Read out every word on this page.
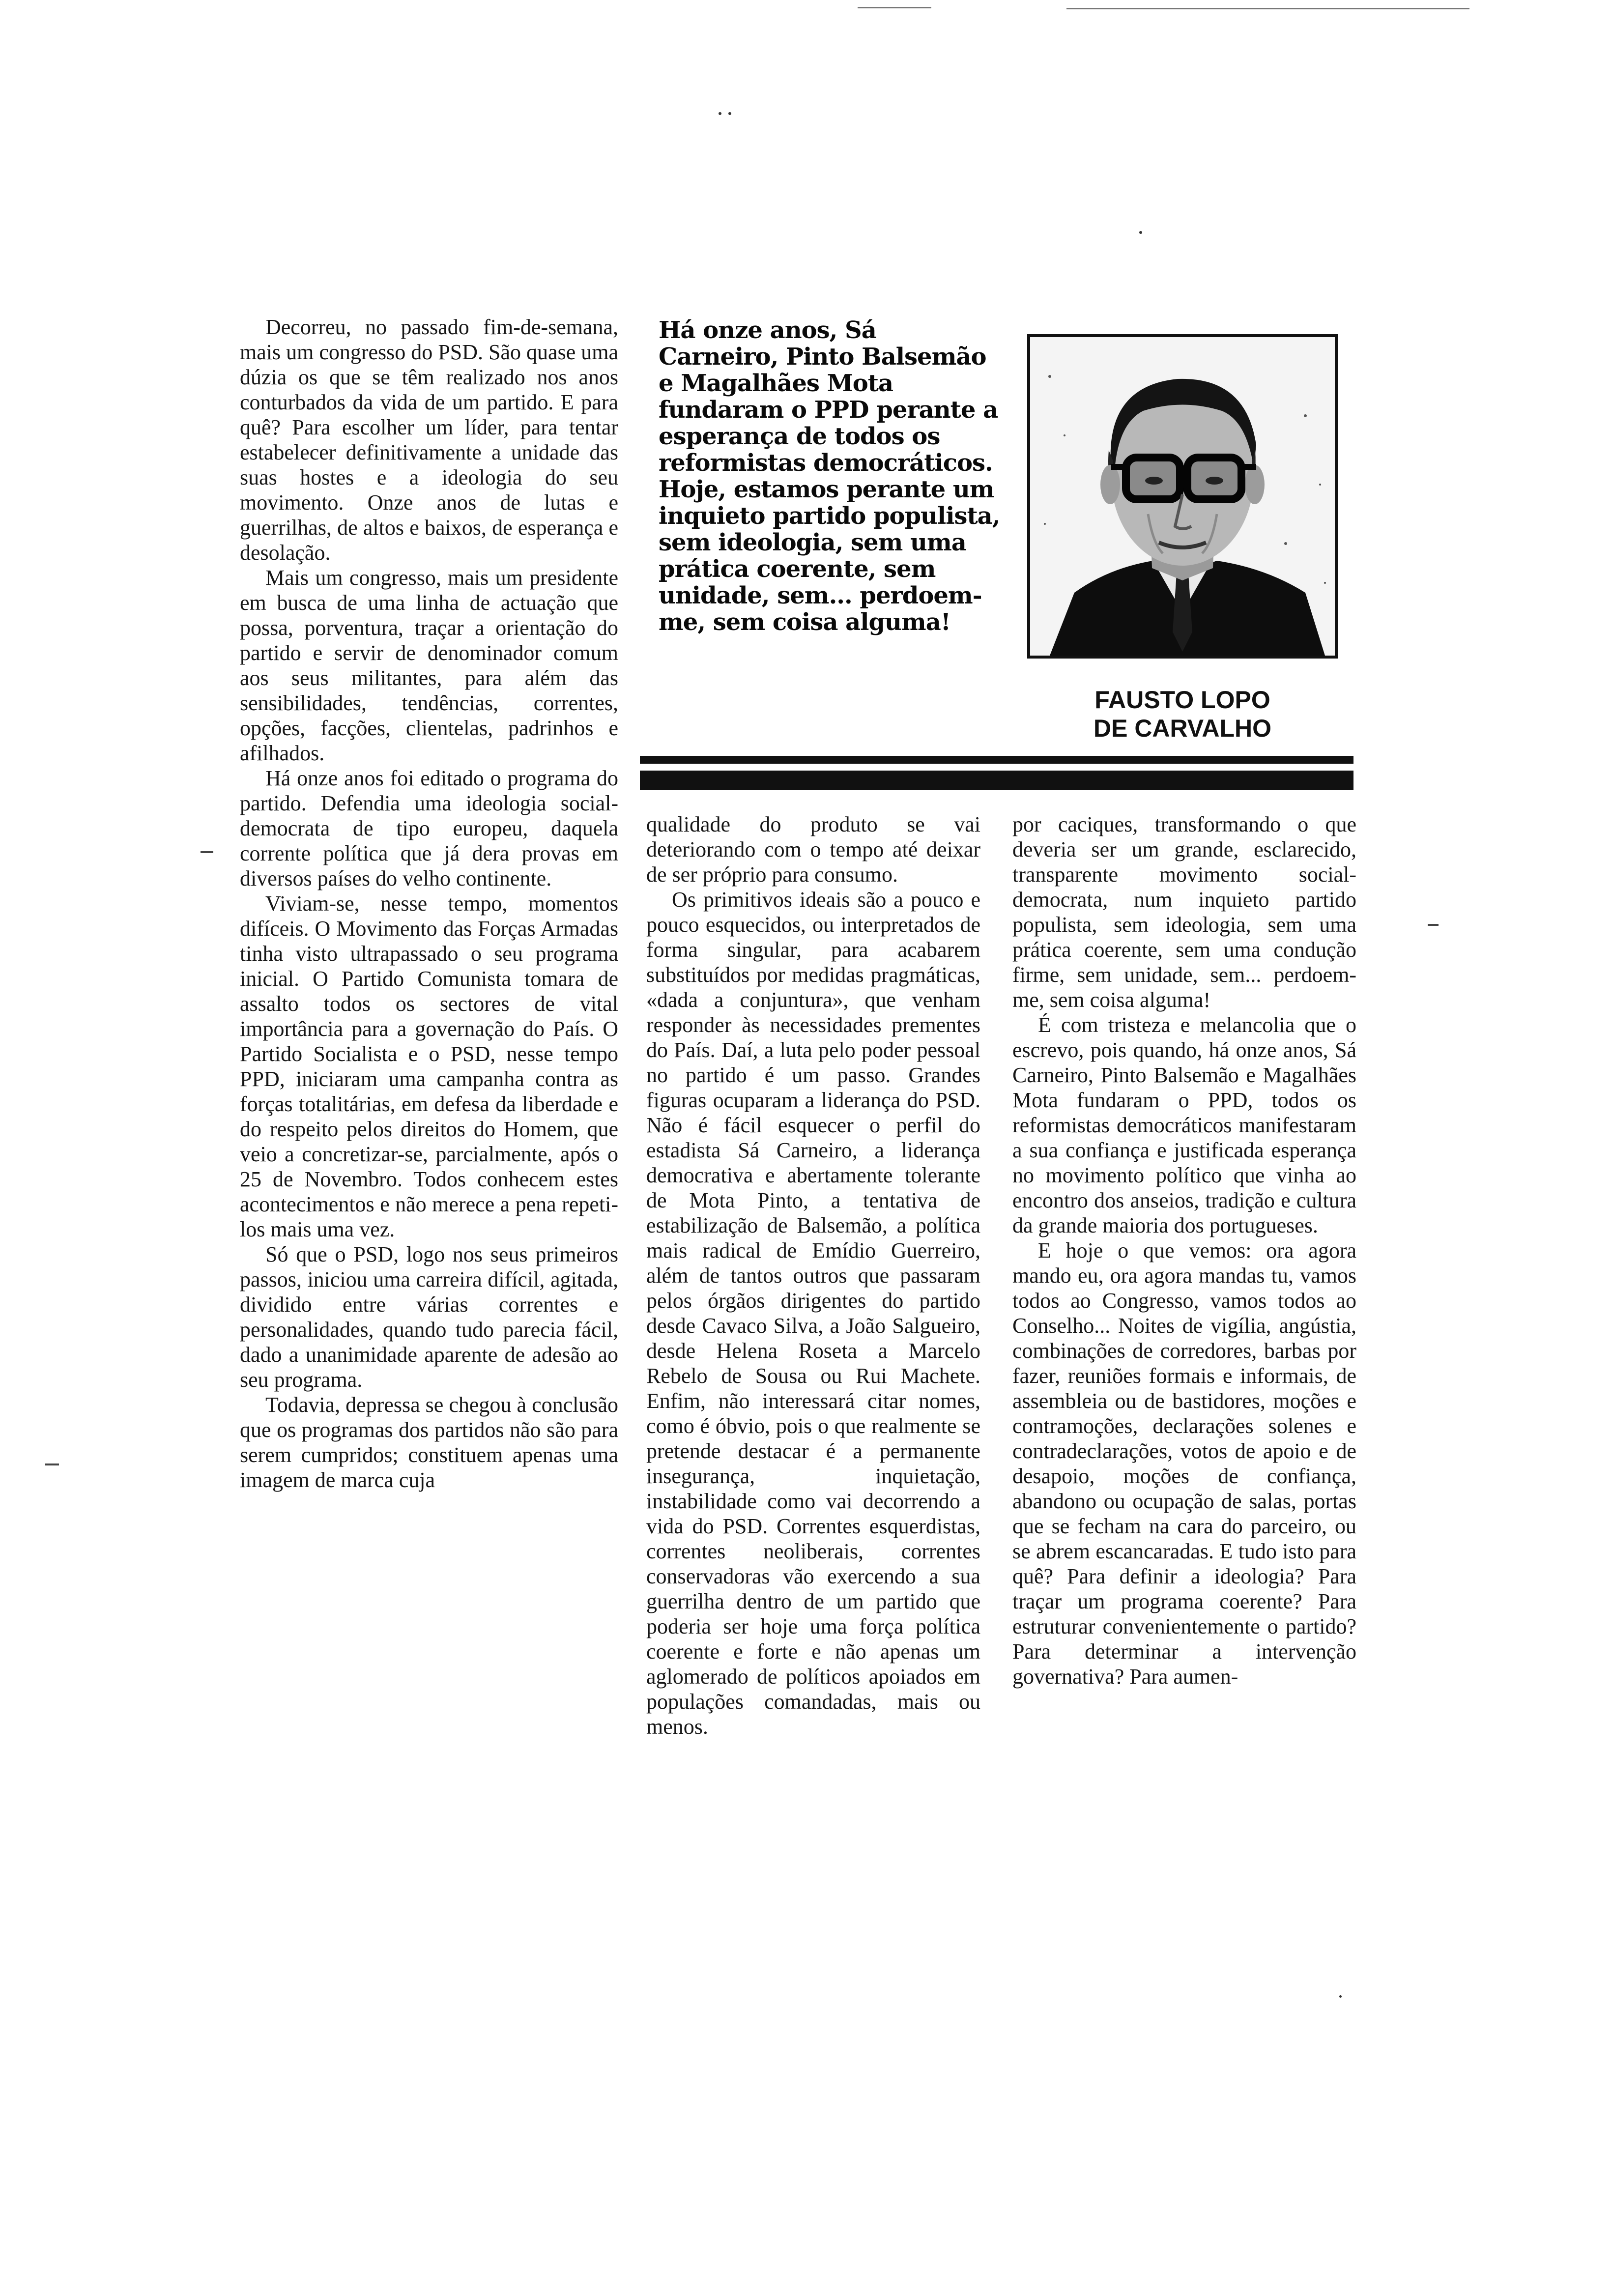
Há onze anos, Sá Carneiro, Pinto Balsemão e Magalhães Mota fundaram o PPD perante a esperança de todos os reformistas democráticos. Hoje, estamos perante um inquieto partido populista, sem ideologia, sem uma prática coerente, sem unidade, sem... perdoem-me, sem coisa alguma!
FAUSTO LOPO
DE CARVALHO

Decorreu, no passado fim-de-semana, mais um congresso do PSD. São quase uma dúzia os que se têm realizado nos anos conturbados da vida de um partido. E para quê? Para escolher um líder, para tentar estabelecer definitivamente a unidade das suas hostes e a ideologia do seu movimento. Onze anos de lutas e guerrilhas, de altos e baixos, de esperança e desolação.

Mais um congresso, mais um presidente em busca de uma linha de actuação que possa, porventura, traçar a orientação do partido e servir de denominador comum aos seus militantes, para além das sensibilidades, tendências, correntes, opções, facções, clientelas, padrinhos e afilhados.

Há onze anos foi editado o programa do partido. Defendia uma ideologia social-democrata de tipo europeu, daquela corrente política que já dera provas em diversos países do velho continente.

Viviam-se, nesse tempo, momentos difíceis. O Movimento das Forças Armadas tinha visto ultrapassado o seu programa inicial. O Partido Comunista tomara de assalto todos os sectores de vital importância para a governação do País. O Partido Socialista e o PSD, nesse tempo PPD, iniciaram uma campanha contra as forças totalitárias, em defesa da liberdade e do respeito pelos direitos do Homem, que veio a concretizar-se, parcialmente, após o 25 de Novembro. Todos conhecem estes acontecimentos e não merece a pena repeti-los mais uma vez.

Só que o PSD, logo nos seus primeiros passos, iniciou uma carreira difícil, agitada, dividido entre várias correntes e personalidades, quando tudo parecia fácil, dado a unanimidade aparente de adesão ao seu programa.

Todavia, depressa se chegou à conclusão que os programas dos partidos não são para serem cumpridos; constituem apenas uma imagem de marca cuja

qualidade do produto se vai deteriorando com o tempo até deixar de ser próprio para consumo.

Os primitivos ideais são a pouco e pouco esquecidos, ou interpretados de forma singular, para acabarem substituídos por medidas pragmáticas, «dada a conjuntura», que venham responder às necessidades prementes do País. Daí, a luta pelo poder pessoal no partido é um passo. Grandes figuras ocuparam a liderança do PSD. Não é fácil esquecer o perfil do estadista Sá Carneiro, a liderança democrativa e abertamente tolerante de Mota Pinto, a tentativa de estabilização de Balsemão, a política mais radical de Emídio Guerreiro, além de tantos outros que passaram pelos órgãos dirigentes do partido desde Cavaco Silva, a João Salgueiro, desde Helena Roseta a Marcelo Rebelo de Sousa ou Rui Machete. Enfim, não interessará citar nomes, como é óbvio, pois o que realmente se pretende destacar é a permanente insegurança, inquietação, instabilidade como vai decorrendo a vida do PSD. Correntes esquerdistas, correntes neoliberais, correntes conservadoras vão exercendo a sua guerrilha dentro de um partido que poderia ser hoje uma força política coerente e forte e não apenas um aglomerado de políticos apoiados em populações comandadas, mais ou menos.

por caciques, transformando o que deveria ser um grande, esclarecido, transparente movimento social-democrata, num inquieto partido populista, sem ideologia, sem uma prática coerente, sem uma condução firme, sem unidade, sem... perdoem-me, sem coisa alguma!

É com tristeza e melancolia que o escrevo, pois quando, há onze anos, Sá Carneiro, Pinto Balsemão e Magalhães Mota fundaram o PPD, todos os reformistas democráticos manifestaram a sua confiança e justificada esperança no movimento político que vinha ao encontro dos anseios, tradição e cultura da grande maioria dos portugueses.

E hoje o que vemos: ora agora mando eu, ora agora mandas tu, vamos todos ao Congresso, vamos todos ao Conselho... Noites de vigília, angústia, combinações de corredores, barbas por fazer, reuniões formais e informais, de assembleia ou de bastidores, moções e contramoções, declarações solenes e contradeclarações, votos de apoio e de desapoio, moções de confiança, abandono ou ocupação de salas, portas que se fecham na cara do parceiro, ou se abrem escancaradas. E tudo isto para quê? Para definir a ideologia? Para traçar um programa coerente? Para estruturar convenientemente o partido? Para determinar a intervenção governativa? Para aumen-
